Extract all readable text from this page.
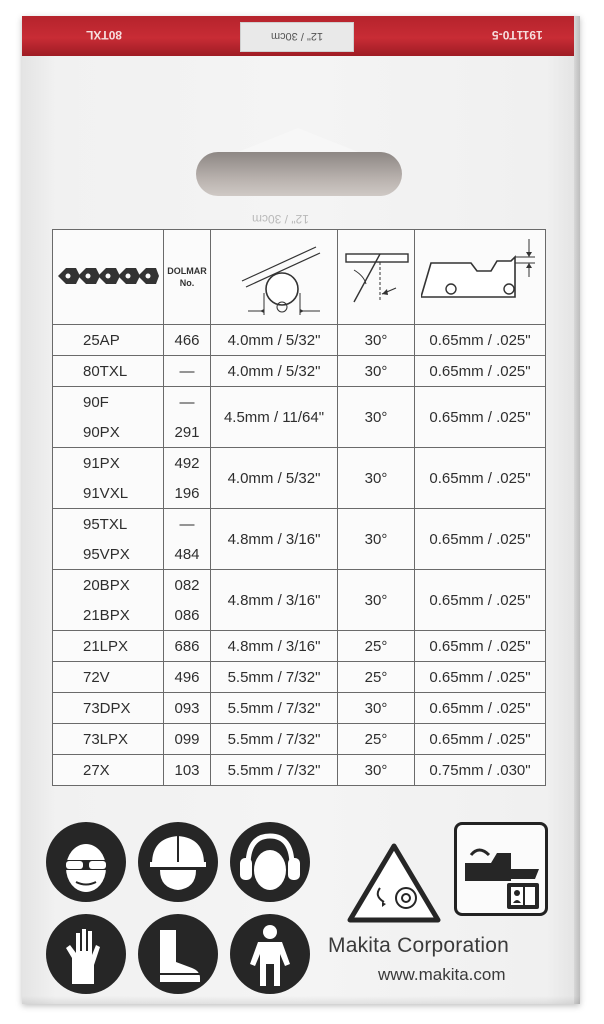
1911T0-5
12" / 30cm
80TXL
12" / 30cm

DOLMAR
No.

25AP	466	4.0mm / 5/32"	30°	0.65mm / .025"
80TXL	—	4.0mm / 5/32"	30°	0.65mm / .025"
90F	—	4.5mm / 11/64"	30°	0.65mm / .025"
90PX	291			
91PX	492	4.0mm / 5/32"	30°	0.65mm / .025"
91VXL	196			
95TXL	—	4.8mm / 3/16"	30°	0.65mm / .025"
95VPX	484			
20BPX	082	4.8mm / 3/16"	30°	0.65mm / .025"
21BPX	086			
21LPX	686	4.8mm / 3/16"	25°	0.65mm / .025"
72V	496	5.5mm / 7/32"	25°	0.65mm / .025"
73DPX	093	5.5mm / 7/32"	30°	0.65mm / .025"
73LPX	099	5.5mm / 7/32"	25°	0.65mm / .025"
27X	103	5.5mm / 7/32"	30°	0.75mm / .030"
Makita Corporation
www.makita.com
